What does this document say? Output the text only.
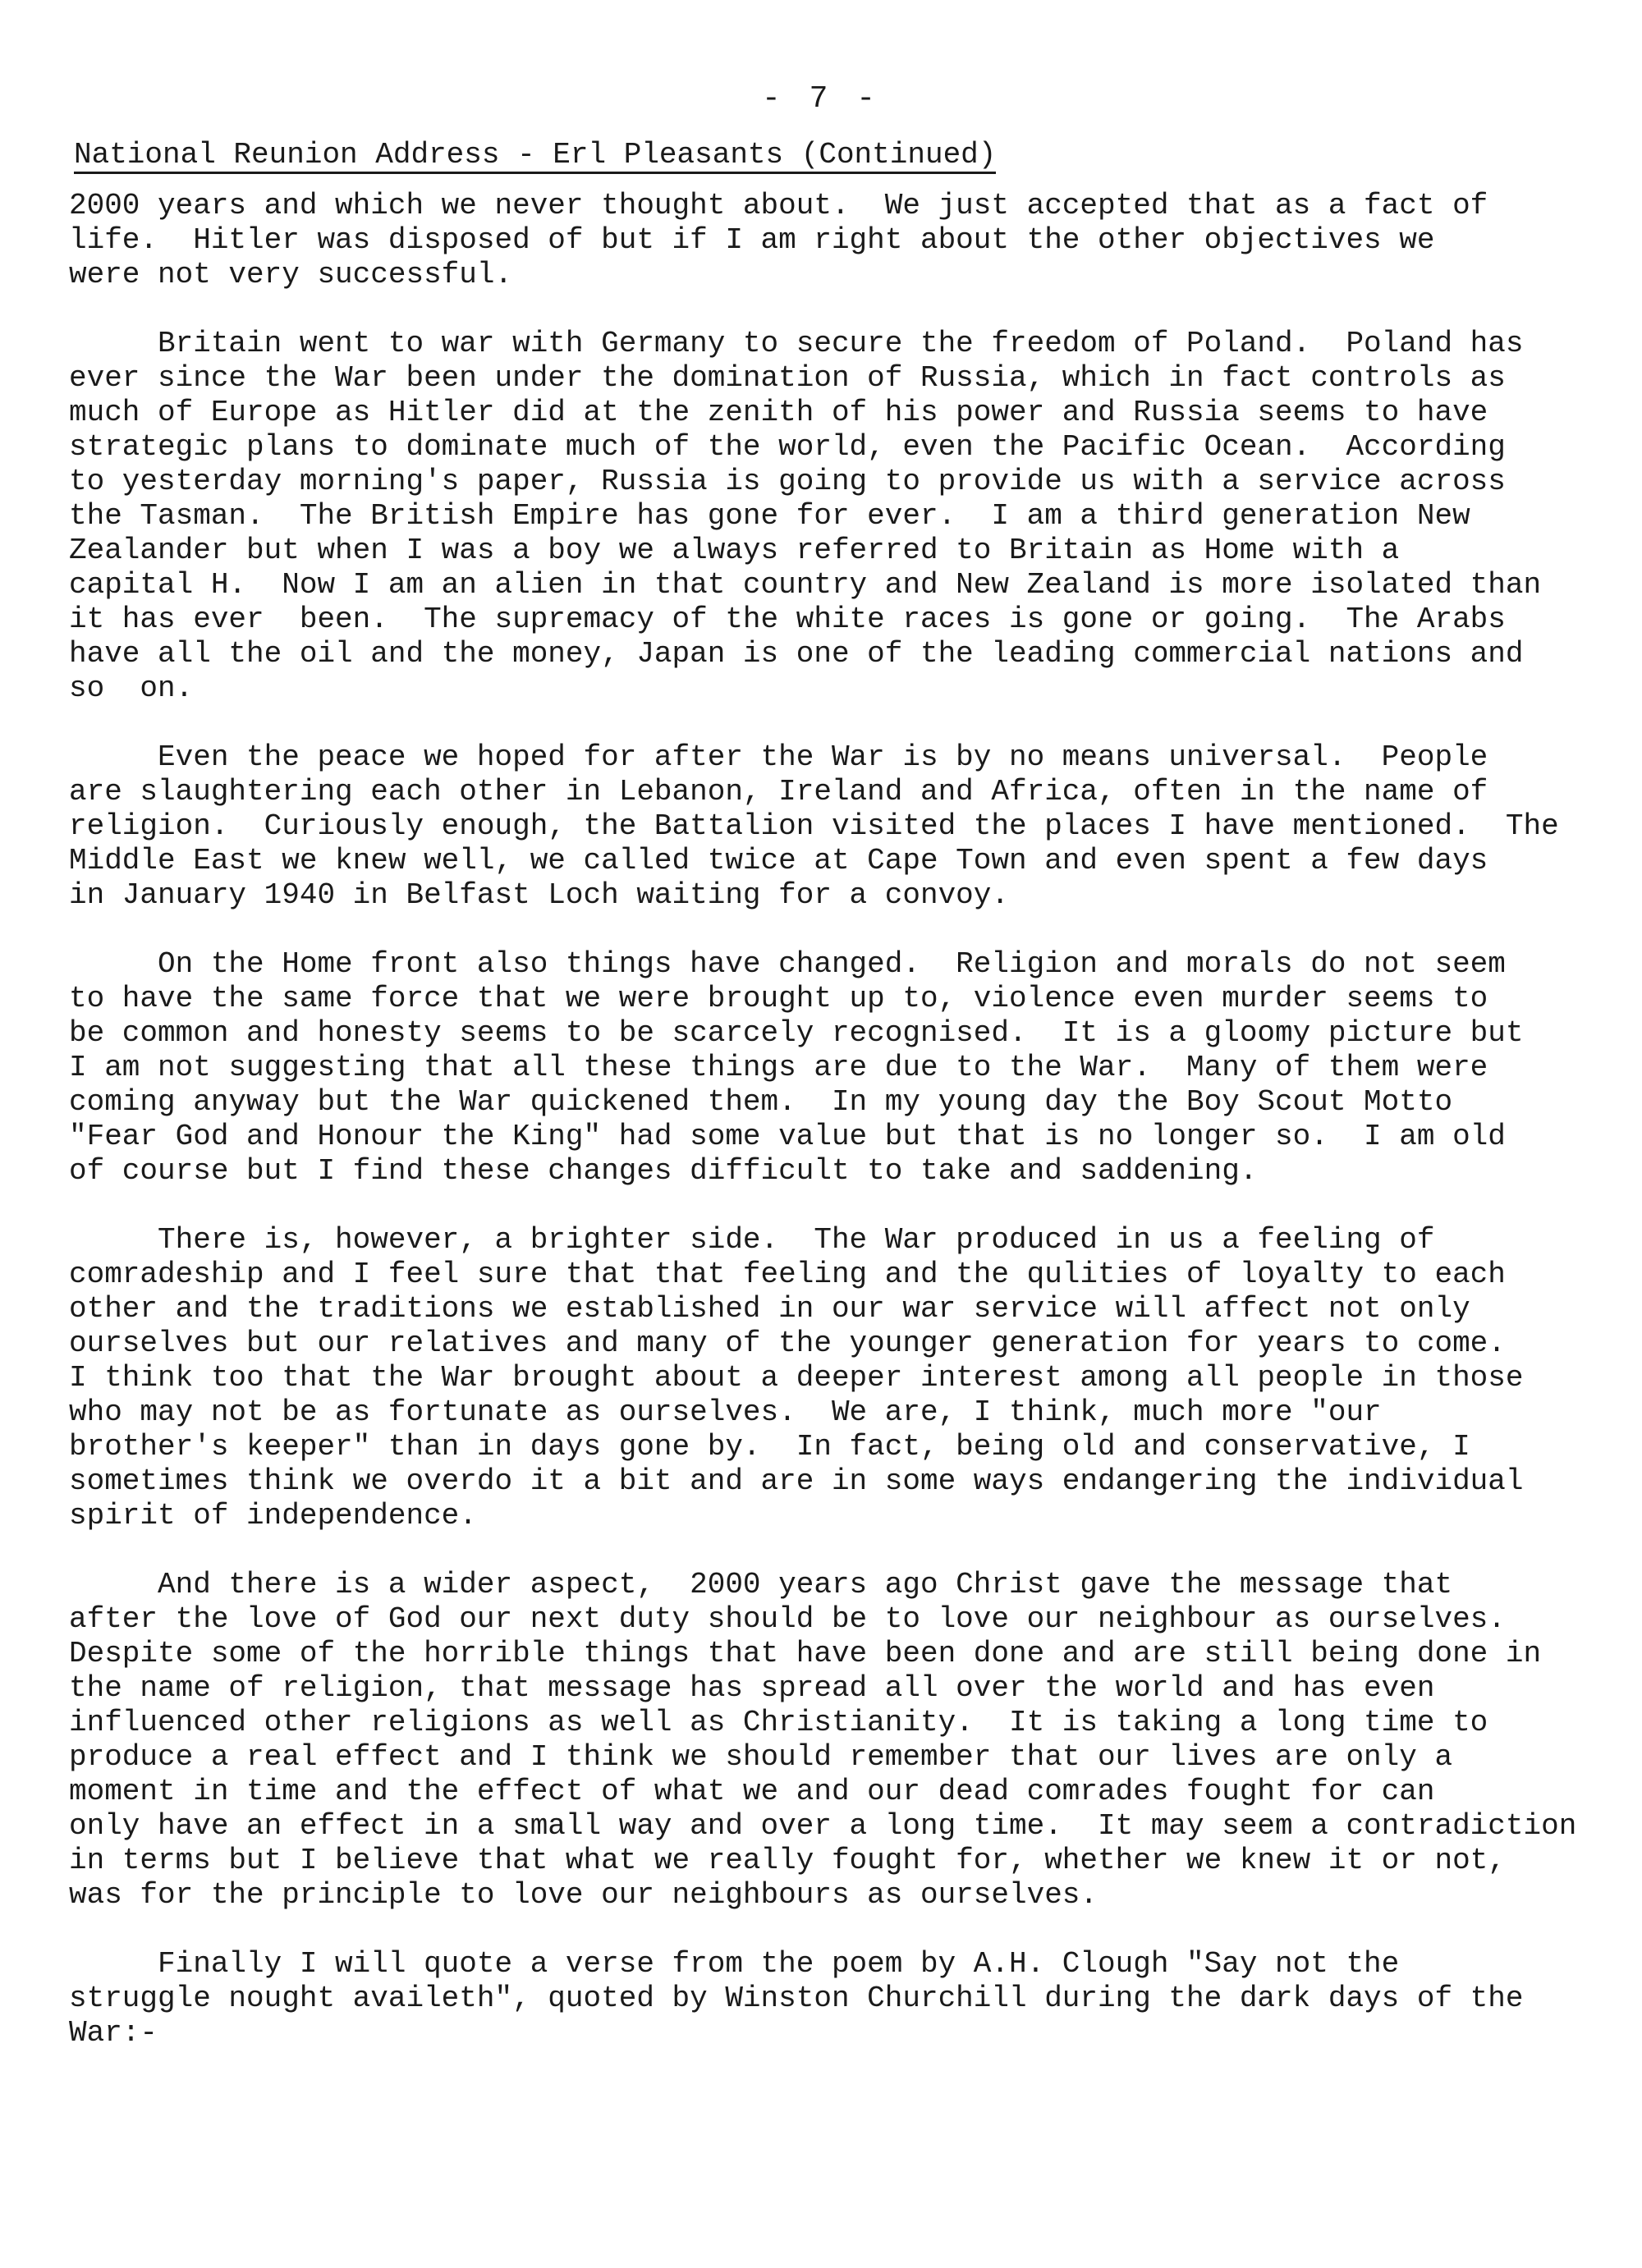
- 7 -
National Reunion Address - Erl Pleasants (Continued)
2000 years and which we never thought about.  We just accepted that as a fact of
life.  Hitler was disposed of but if I am right about the other objectives we
were not very successful.
Britain went to war with Germany to secure the freedom of Poland.  Poland has
ever since the War been under the domination of Russia, which in fact controls as
much of Europe as Hitler did at the zenith of his power and Russia seems to have
strategic plans to dominate much of the world, even the Pacific Ocean.  According
to yesterday morning's paper, Russia is going to provide us with a service across
the Tasman.  The British Empire has gone for ever.  I am a third generation New
Zealander but when I was a boy we always referred to Britain as Home with a
capital H.  Now I am an alien in that country and New Zealand is more isolated than
it has ever  been.  The supremacy of the white races is gone or going.  The Arabs
have all the oil and the money, Japan is one of the leading commercial nations and
so  on.
Even the peace we hoped for after the War is by no means universal.  People
are slaughtering each other in Lebanon, Ireland and Africa, often in the name of
religion.  Curiously enough, the Battalion visited the places I have mentioned.  The
Middle East we knew well, we called twice at Cape Town and even spent a few days
in January 1940 in Belfast Loch waiting for a convoy.
On the Home front also things have changed.  Religion and morals do not seem
to have the same force that we were brought up to, violence even murder seems to
be common and honesty seems to be scarcely recognised.  It is a gloomy picture but
I am not suggesting that all these things are due to the War.  Many of them were
coming anyway but the War quickened them.  In my young day the Boy Scout Motto
"Fear God and Honour the King" had some value but that is no longer so.  I am old
of course but I find these changes difficult to take and saddening.
There is, however, a brighter side.  The War produced in us a feeling of
comradeship and I feel sure that that feeling and the qulities of loyalty to each
other and the traditions we established in our war service will affect not only
ourselves but our relatives and many of the younger generation for years to come.
I think too that the War brought about a deeper interest among all people in those
who may not be as fortunate as ourselves.  We are, I think, much more "our
brother's keeper" than in days gone by.  In fact, being old and conservative, I
sometimes think we overdo it a bit and are in some ways endangering the individual
spirit of independence.
And there is a wider aspect,  2000 years ago Christ gave the message that
after the love of God our next duty should be to love our neighbour as ourselves.
Despite some of the horrible things that have been done and are still being done in
the name of religion, that message has spread all over the world and has even
influenced other religions as well as Christianity.  It is taking a long time to
produce a real effect and I think we should remember that our lives are only a
moment in time and the effect of what we and our dead comrades fought for can
only have an effect in a small way and over a long time.  It may seem a contradiction
in terms but I believe that what we really fought for, whether we knew it or not,
was for the principle to love our neighbours as ourselves.
Finally I will quote a verse from the poem by A.H. Clough "Say not the
struggle nought availeth", quoted by Winston Churchill during the dark days of the
War:-
